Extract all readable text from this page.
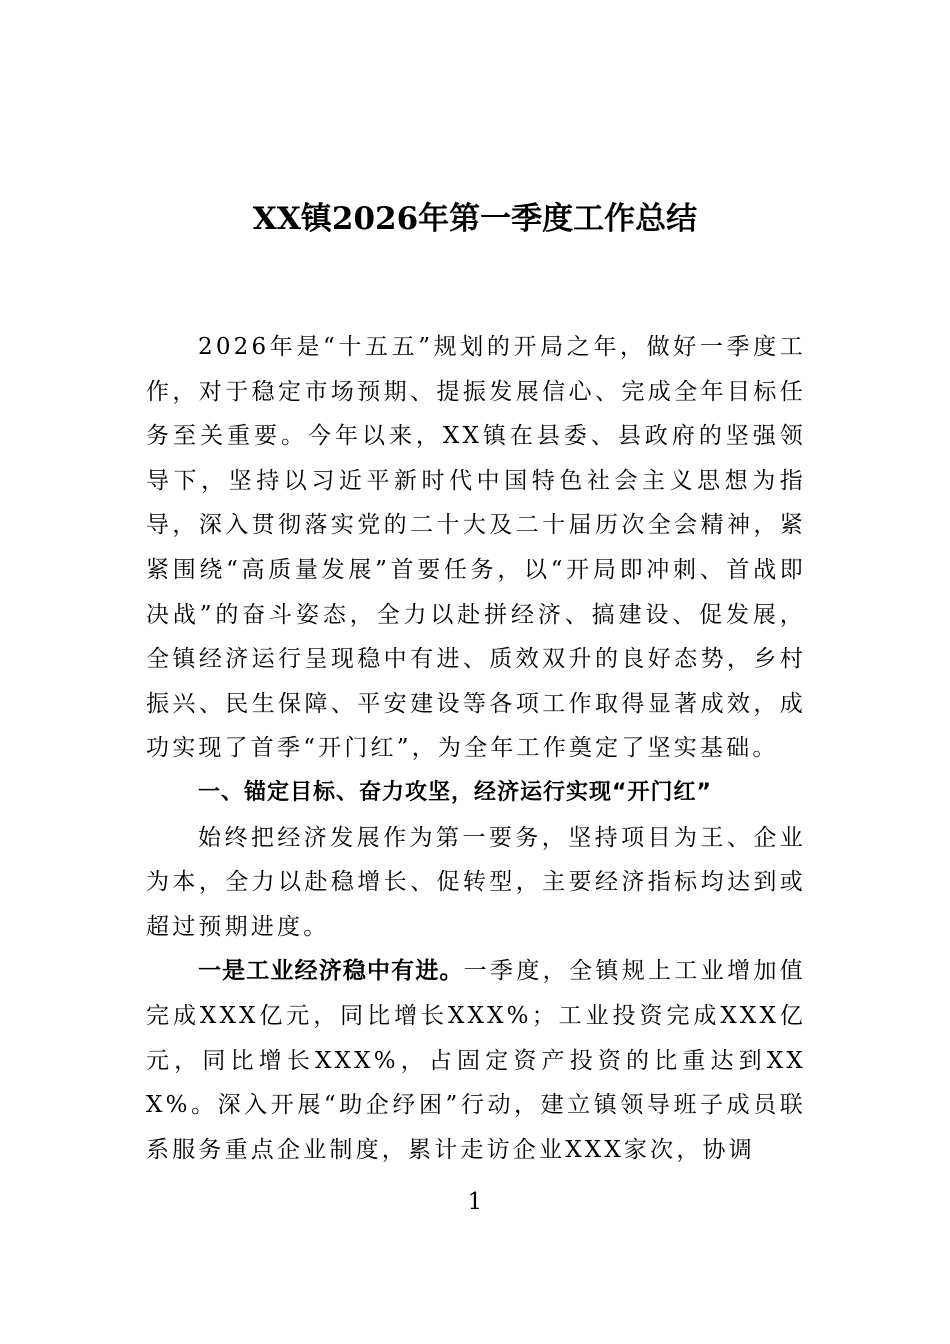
XX镇2026年第一季度工作总结

2026年是“十五五”规划的开局之年，做好一季度工作，对于稳定市场预期、提振发展信心、完成全年目标任务至关重要。今年以来，XX镇在县委、县政府的坚强领导下，坚持以习近平新时代中国特色社会主义思想为指导，深入贯彻落实党的二十大及二十届历次全会精神，紧紧围绕“高质量发展”首要任务，以“开局即冲刺、首战即决战”的奋斗姿态，全力以赴拼经济、搞建设、促发展，全镇经济运行呈现稳中有进、质效双升的良好态势，乡村振兴、民生保障、平安建设等各项工作取得显著成效，成功实现了首季“开门红”，为全年工作奠定了坚实基础。

一、锚定目标、奋力攻坚，经济运行实现“开门红”

始终把经济发展作为第一要务，坚持项目为王、企业为本，全力以赴稳增长、促转型，主要经济指标均达到或超过预期进度。

一是工业经济稳中有进。一季度，全镇规上工业增加值完成XXX亿元，同比增长XXX%；工业投资完成XXX亿元，同比增长XXX%，占固定资产投资的比重达到XXX%。深入开展“助企纾困”行动，建立镇领导班子成员联系服务重点企业制度，累计走访企业XXX家次，协调

1
